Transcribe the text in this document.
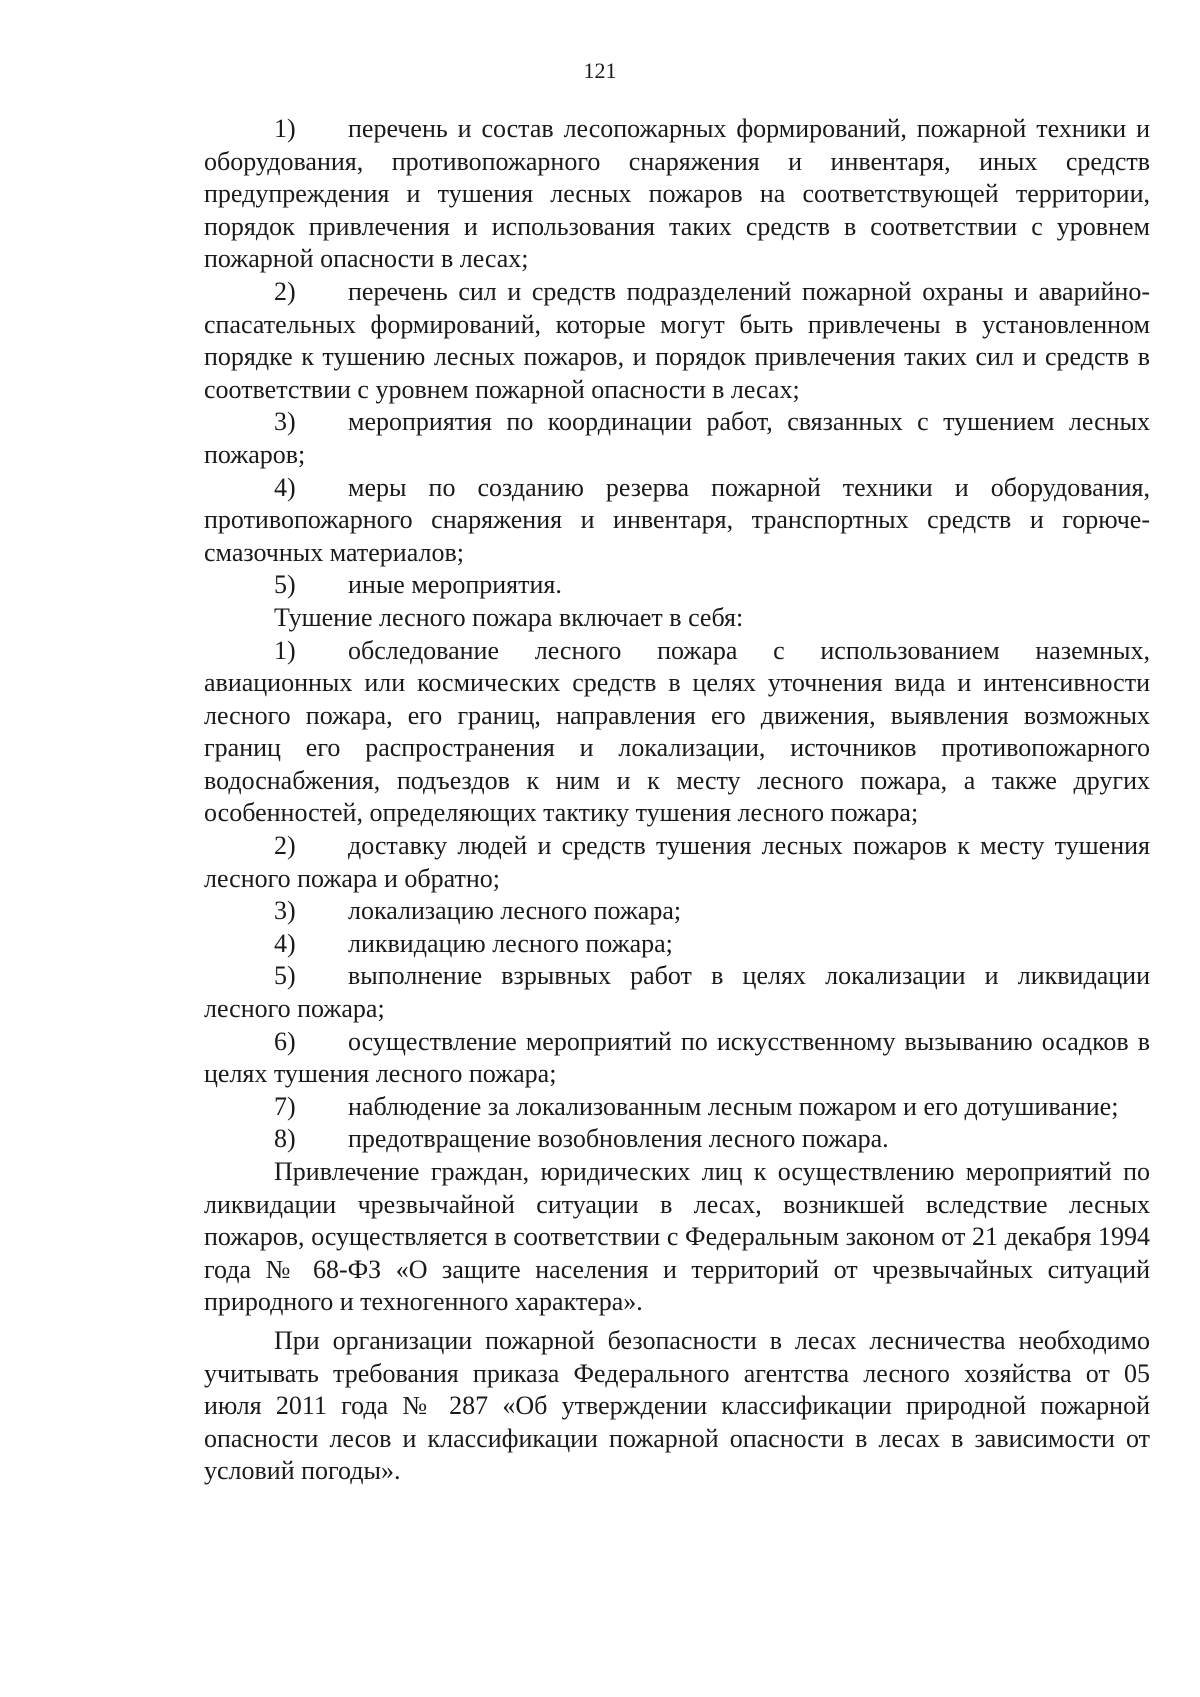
121

1) перечень и состав лесопожарных формирований, пожарной техники и оборудования, противопожарного снаряжения и инвентаря, иных средств предупреждения и тушения лесных пожаров на соответствующей территории, порядок привлечения и использования таких средств в соответствии с уровнем пожарной опасности в лесах;

2) перечень сил и средств подразделений пожарной охраны и аварийно-спасательных формирований, которые могут быть привлечены в установленном порядке к тушению лесных пожаров, и порядок привлечения таких сил и средств в соответствии с уровнем пожарной опасности в лесах;

3) мероприятия по координации работ, связанных с тушением лесных пожаров;

4) меры по созданию резерва пожарной техники и оборудования, противопожарного снаряжения и инвентаря, транспортных средств и горюче-смазочных материалов;

5) иные мероприятия.

Тушение лесного пожара включает в себя:

1) обследование лесного пожара с использованием наземных, авиационных или космических средств в целях уточнения вида и интенсивности лесного пожара, его границ, направления его движения, выявления возможных границ его распространения и локализации, источников противопожарного водоснабжения, подъездов к ним и к месту лесного пожара, а также других особенностей, определяющих тактику тушения лесного пожара;

2) доставку людей и средств тушения лесных пожаров к месту тушения лесного пожара и обратно;

3) локализацию лесного пожара;

4) ликвидацию лесного пожара;

5) выполнение взрывных работ в целях локализации и ликвидации лесного пожара;

6) осуществление мероприятий по искусственному вызыванию осадков в целях тушения лесного пожара;

7) наблюдение за локализованным лесным пожаром и его дотушивание;

8) предотвращение возобновления лесного пожара.

Привлечение граждан, юридических лиц к осуществлению мероприятий по ликвидации чрезвычайной ситуации в лесах, возникшей вследствие лесных пожаров, осуществляется в соответствии с Федеральным законом от 21 декабря 1994 года № 68-ФЗ «О защите населения и территорий от чрезвычайных ситуаций природного и техногенного характера».

При организации пожарной безопасности в лесах лесничества необходимо учитывать требования приказа Федерального агентства лесного хозяйства от 05 июля 2011 года № 287 «Об утверждении классификации природной пожарной опасности лесов и классификации пожарной опасности в лесах в зависимости от условий погоды».
